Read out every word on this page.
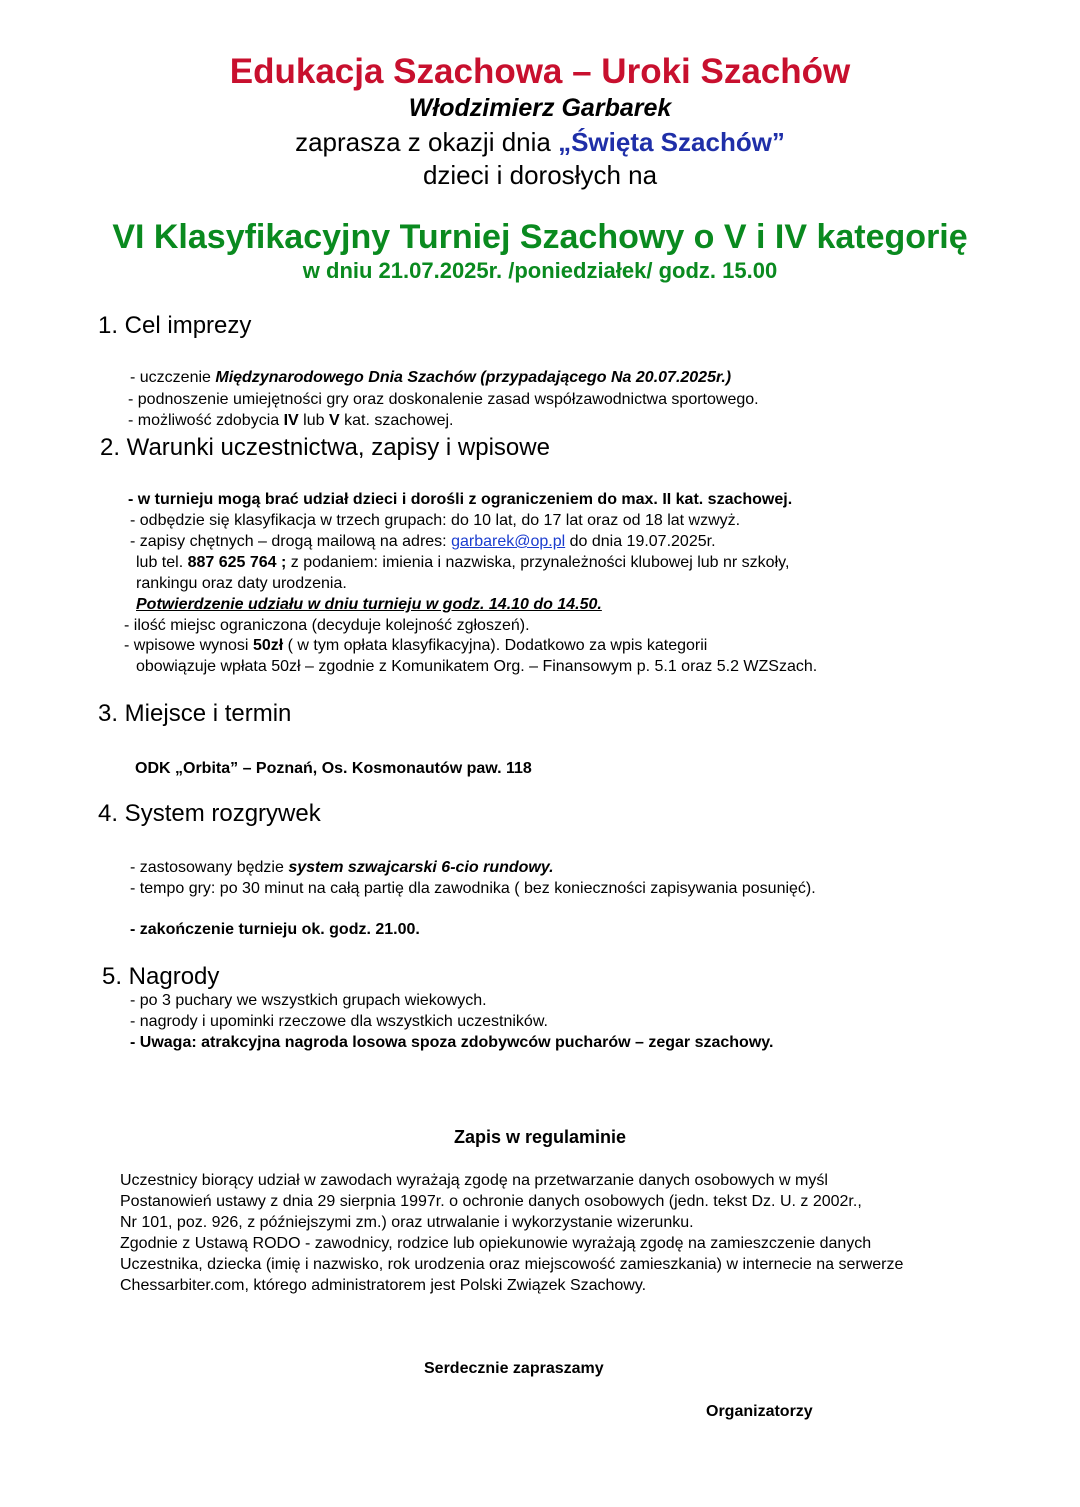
Edukacja Szachowa – Uroki Szachów
Włodzimierz Garbarek
zaprasza z okazji dnia „Święta Szachów”
dzieci i dorosłych na
VI Klasyfikacyjny Turniej Szachowy o V i IV kategorię
w dniu 21.07.2025r. /poniedziałek/ godz. 15.00
1. Cel imprezy
- uczczenie Międzynarodowego Dnia Szachów (przypadającego Na 20.07.2025r.)
- podnoszenie umiejętności gry oraz doskonalenie zasad współzawodnictwa sportowego.
- możliwość zdobycia IV lub V kat. szachowej.
2. Warunki uczestnictwa, zapisy i wpisowe
- w turnieju mogą brać udział dzieci i dorośli z ograniczeniem do max. II kat. szachowej.
- odbędzie się klasyfikacja w trzech grupach: do 10 lat, do 17 lat oraz od 18 lat wzwyż.
- zapisy chętnych – drogą mailową na adres: garbarek@op.pl do dnia 19.07.2025r.
lub tel. 887 625 764 ; z podaniem: imienia i nazwiska, przynależności klubowej lub nr szkoły,
rankingu oraz daty urodzenia.
Potwierdzenie udziału w dniu turnieju w godz. 14.10 do 14.50.
- ilość miejsc ograniczona (decyduje kolejność zgłoszeń).
- wpisowe wynosi 50zł ( w tym opłata klasyfikacyjna). Dodatkowo za wpis kategorii
obowiązuje wpłata 50zł – zgodnie z Komunikatem Org. – Finansowym p. 5.1 oraz 5.2 WZSzach.
3. Miejsce i termin
ODK „Orbita” – Poznań, Os. Kosmonautów paw. 118
4. System rozgrywek
- zastosowany będzie system szwajcarski 6-cio rundowy.
- tempo gry: po 30 minut na całą partię dla zawodnika ( bez konieczności zapisywania posunięć).
- zakończenie turnieju ok. godz. 21.00.
5. Nagrody
- po 3 puchary we wszystkich grupach wiekowych.
- nagrody i upominki rzeczowe dla wszystkich uczestników.
- Uwaga: atrakcyjna nagroda losowa spoza zdobywców pucharów – zegar szachowy.
Zapis w regulaminie
Uczestnicy biorący udział w zawodach wyrażają zgodę na przetwarzanie danych osobowych w myśl
Postanowień ustawy z dnia 29 sierpnia 1997r. o ochronie danych osobowych (jedn. tekst Dz. U. z 2002r.,
Nr 101, poz. 926, z późniejszymi zm.) oraz utrwalanie i wykorzystanie wizerunku.
Zgodnie z Ustawą RODO - zawodnicy, rodzice lub opiekunowie wyrażają zgodę na zamieszczenie danych
Uczestnika, dziecka (imię i nazwisko, rok urodzenia oraz miejscowość zamieszkania) w internecie na serwerze
Chessarbiter.com, którego administratorem jest Polski Związek Szachowy.
Serdecznie zapraszamy
Organizatorzy
